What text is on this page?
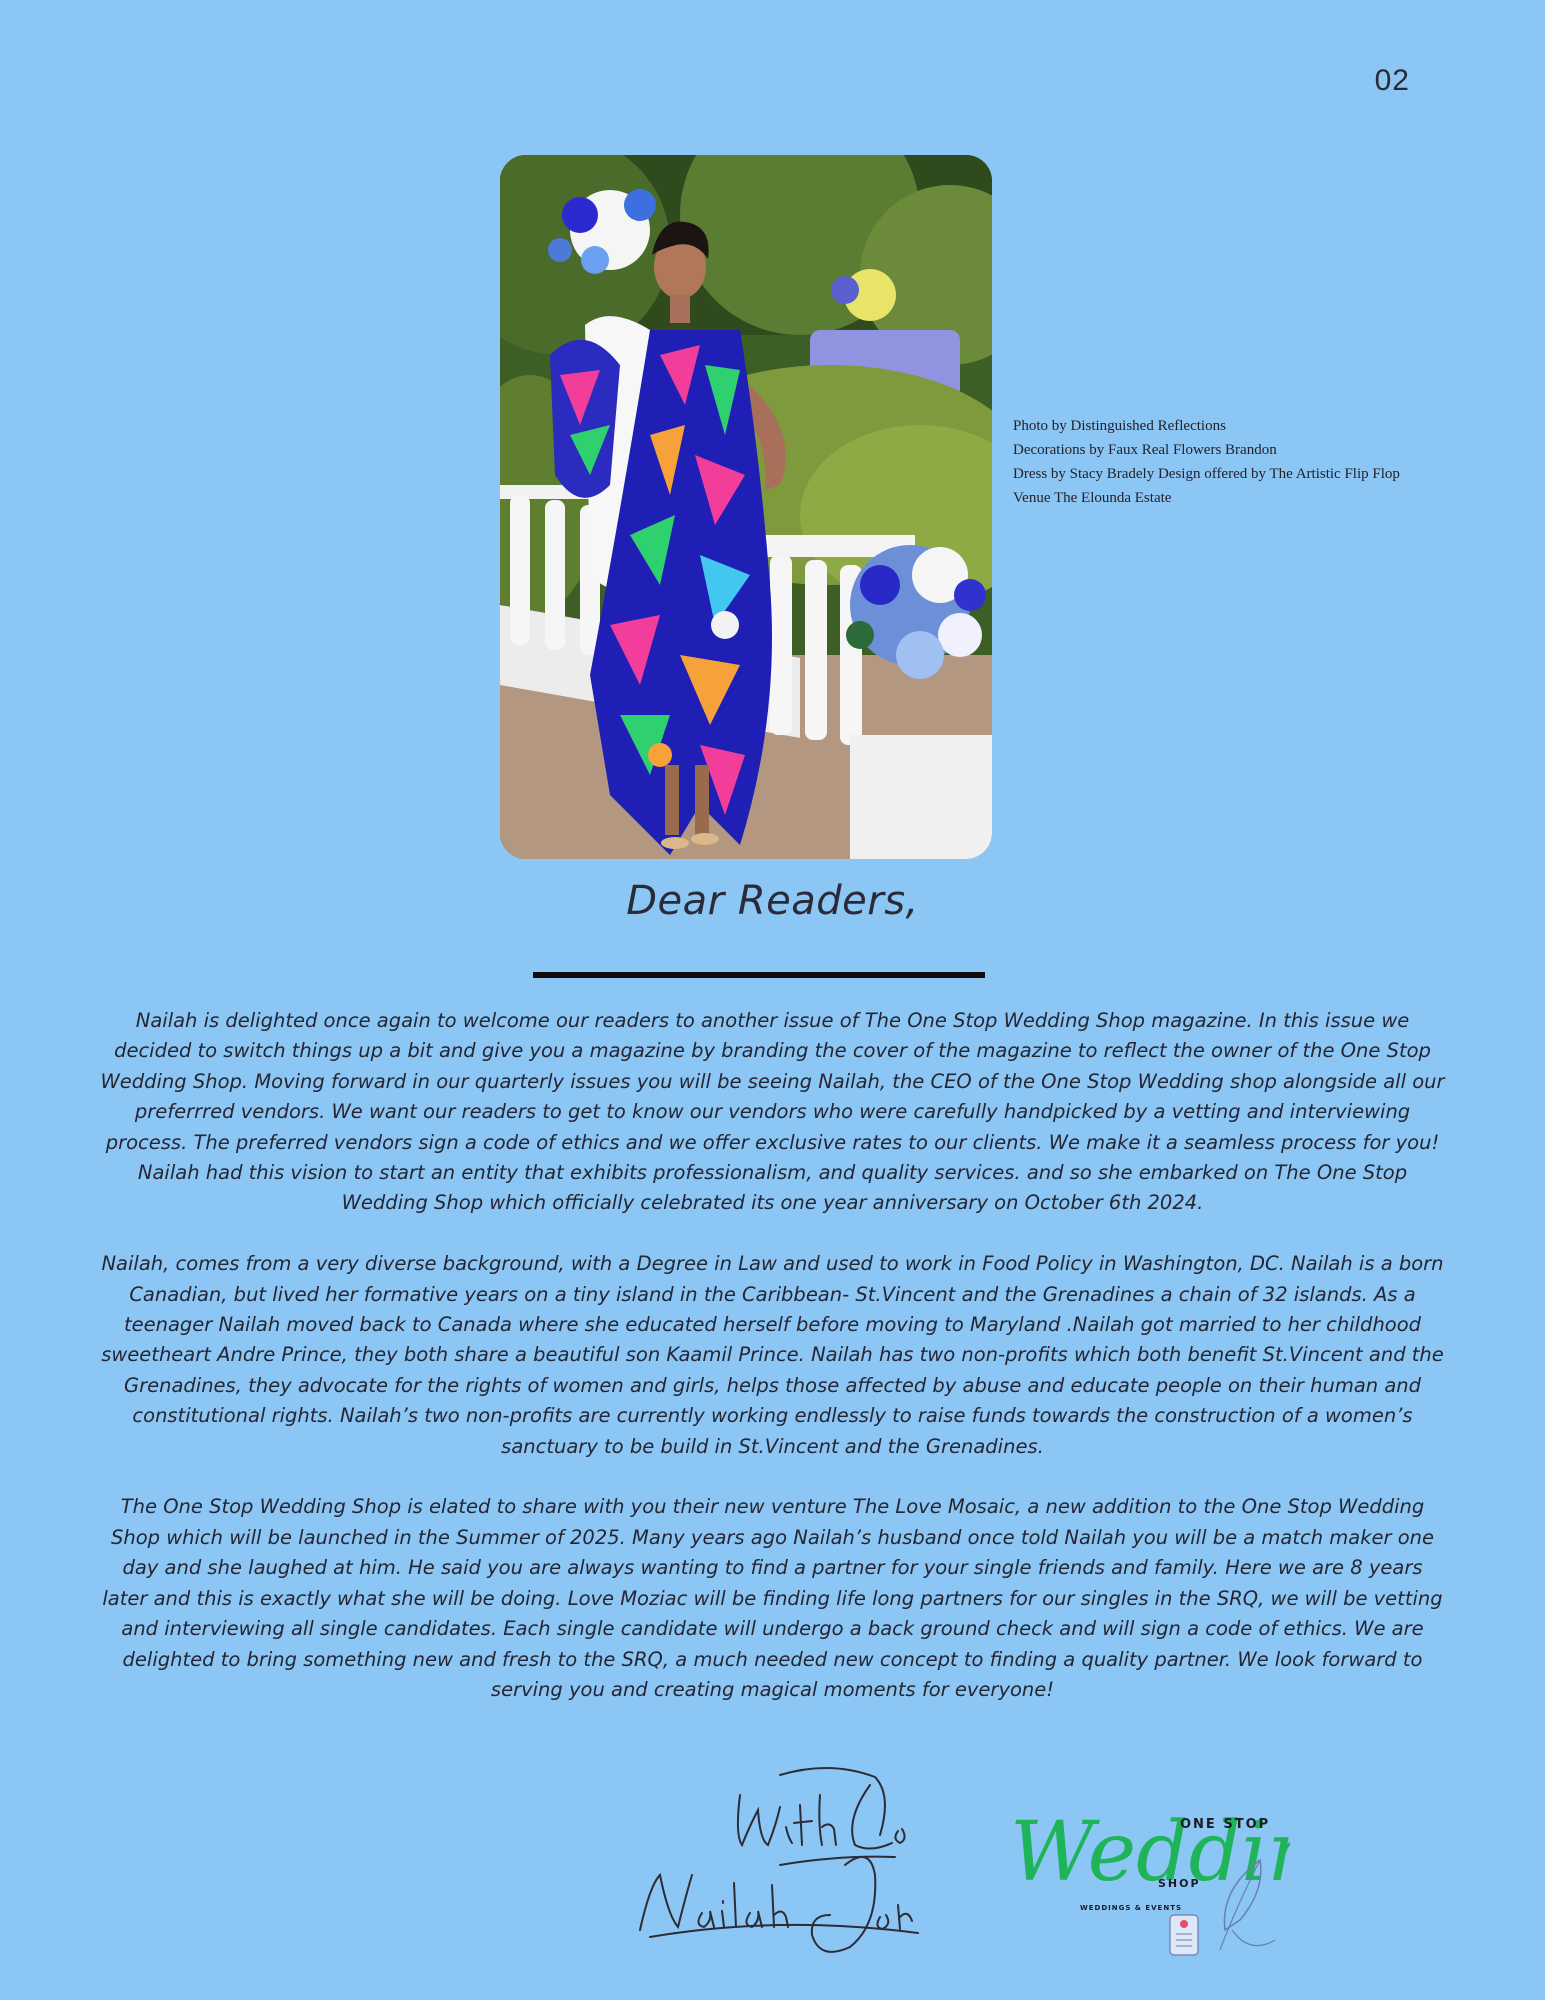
02
Photo by Distinguished Reflections
Decorations by Faux Real Flowers Brandon
Dress by Stacy Bradely Design offered by The Artistic Flip Flop
Venue The Elounda Estate
Dear Readers,

Nailah is delighted once again to welcome our readers to another issue of The One Stop Wedding Shop magazine. In this issue we decided to switch things up a bit and give you a magazine by branding the cover of the magazine to reflect the owner of the One Stop Wedding Shop. Moving forward in our quarterly issues you will be seeing Nailah, the CEO of the One Stop Wedding shop alongside all our preferrred vendors. We want our readers to get to know our vendors who were carefully handpicked by a vetting and interviewing process. The preferred vendors sign a code of ethics and we offer exclusive rates to our clients. We make it a seamless process for you! Nailah had this vision to start an entity that exhibits professionalism, and quality services. and so she embarked on The One Stop Wedding Shop which officially celebrated its one year anniversary on October 6th 2024.

Nailah, comes from a very diverse background, with a Degree in Law and used to work in Food Policy in Washington, DC. Nailah is a born Canadian, but lived her formative years on a tiny island in the Caribbean- St.Vincent and the Grenadines a chain of 32 islands. As a teenager Nailah moved back to Canada where she educated herself before moving to Maryland .Nailah got married to her childhood sweetheart Andre Prince, they both share a beautiful son Kaamil Prince. Nailah has two non-profits which both benefit St.Vincent and the Grenadines, they advocate for the rights of women and girls, helps those affected by abuse and educate people on their human and constitutional rights. Nailah’s two non-profits are currently working endlessly to raise funds towards the construction of a women’s sanctuary to be build in St.Vincent and the Grenadines.

The One Stop Wedding Shop is elated to share with you their new venture The Love Mosaic, a new addition to the One Stop Wedding Shop which will be launched in the Summer of 2025. Many years ago Nailah’s husband once told Nailah you will be a match maker one day and she laughed at him. He said you are always wanting to find a partner for your single friends and family. Here we are 8 years later and this is exactly what she will be doing. Love Moziac will be finding life long partners for our singles in the SRQ, we will be vetting and interviewing all single candidates. Each single candidate will undergo a back ground check and will sign a code of ethics. We are delighted to bring something new and fresh to the SRQ, a much needed new concept to finding a quality partner. We look forward to serving you and creating magical moments for everyone!

Weddi
ONE STOP
SHOP
WEDDINGS & EVENTS
